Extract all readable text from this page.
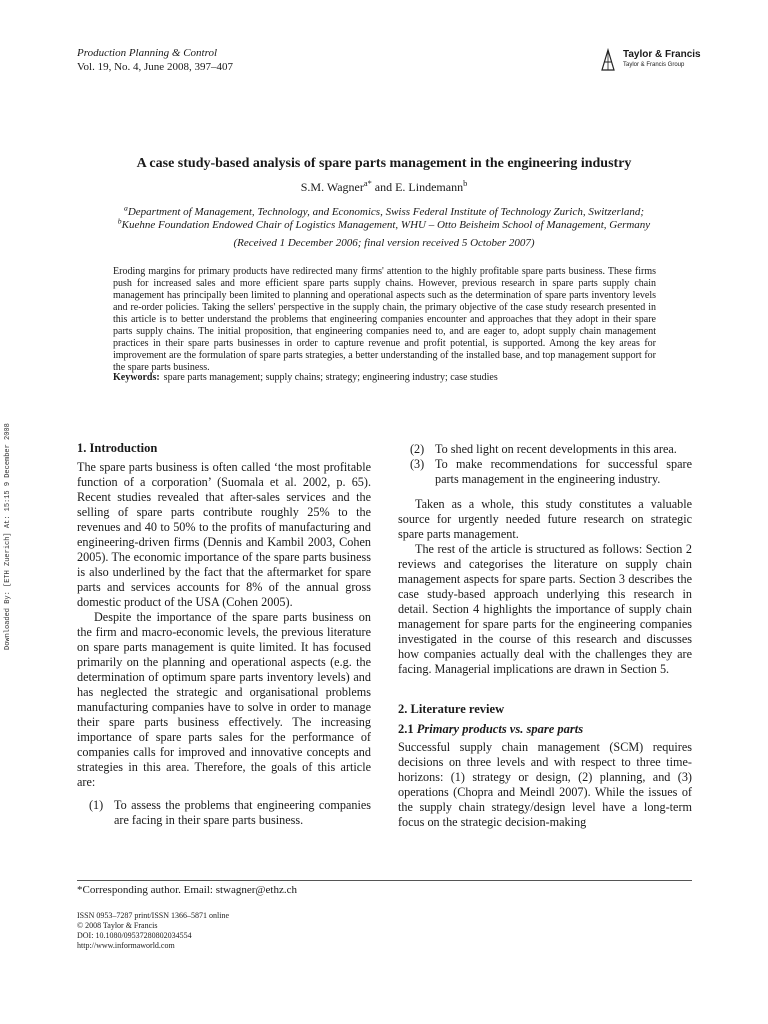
Production Planning & Control
Vol. 19, No. 4, June 2008, 397–407
Taylor & Francis
Taylor & Francis Group
Downloaded By: [ETH Zuerich] At: 15:15 9 December 2008
A case study-based analysis of spare parts management in the engineering industry
S.M. Wagner$^{a*}$ and E. Lindemann$^b$
$^a$Department of Management, Technology, and Economics, Swiss Federal Institute of Technology Zurich, Switzerland;
$^b$Kuehne Foundation Endowed Chair of Logistics Management, WHU – Otto Beisheim School of Management, Germany
(Received 1 December 2006; final version received 5 October 2007)
Eroding margins for primary products have redirected many firms' attention to the highly profitable spare parts business. These firms push for increased sales and more efficient spare parts supply chains. However, previous research in spare parts supply chain management has principally been limited to planning and operational aspects such as the determination of spare parts inventory levels and re-order policies. Taking the sellers' perspective in the supply chain, the primary objective of the case study research presented in this article is to better understand the problems that engineering companies encounter and approaches that they adopt in their spare parts supply chains. The initial proposition, that engineering companies need to, and are eager to, adopt supply chain management practices in their spare parts businesses in order to capture revenue and profit potential, is supported. Among the key areas for improvement are the formulation of spare parts strategies, a better understanding of the installed base, and top management support for the spare parts business.
Keywords: spare parts management; supply chains; strategy; engineering industry; case studies
1. Introduction

The spare parts business is often called ‘the most profitable function of a corporation’ (Suomala et al. 2002, p. 65). Recent studies revealed that after-sales services and the selling of spare parts contribute roughly 25% to the revenues and 40 to 50% to the profits of manufacturing and engineering-driven firms (Dennis and Kambil 2003, Cohen 2005). The economic importance of the spare parts business is also underlined by the fact that the aftermarket for spare parts and services accounts for 8% of the annual gross domestic product of the USA (Cohen 2005).

Despite the importance of the spare parts business on the firm and macro-economic levels, the previous literature on spare parts management is quite limited. It has focused primarily on the planning and operational aspects (e.g. the determination of optimum spare parts inventory levels) and has neglected the strategic and organisational problems manufacturing companies have to solve in order to manage their spare parts business effectively. The increasing importance of spare parts sales for the performance of companies calls for improved and innovative concepts and strategies in this area. Therefore, the goals of this article are:

(1) To assess the problems that engineering companies are facing in their spare parts business.
(2) To shed light on recent developments in this area.
(3) To make recommendations for successful spare parts management in the engineering industry.

Taken as a whole, this study constitutes a valuable source for urgently needed future research on strategic spare parts management.

The rest of the article is structured as follows: Section 2 reviews and categorises the literature on supply chain management aspects for spare parts. Section 3 describes the case study-based approach underlying this research in detail. Section 4 highlights the importance of supply chain management for spare parts for the engineering companies investigated in the course of this research and discusses how companies actually deal with the challenges they are facing. Managerial implications are drawn in Section 5.

2. Literature review
2.1 Primary products vs. spare parts

Successful supply chain management (SCM) requires decisions on three levels and with respect to three time-horizons: (1) strategy or design, (2) planning, and (3) operations (Chopra and Meindl 2007). While the issues of the supply chain strategy/design level have a long-term focus on the strategic decision-making

*Corresponding author. Email: stwagner@ethz.ch
ISSN 0953–7287 print/ISSN 1366–5871 online
© 2008 Taylor & Francis
DOI: 10.1080/09537280802034554
http://www.informaworld.com
